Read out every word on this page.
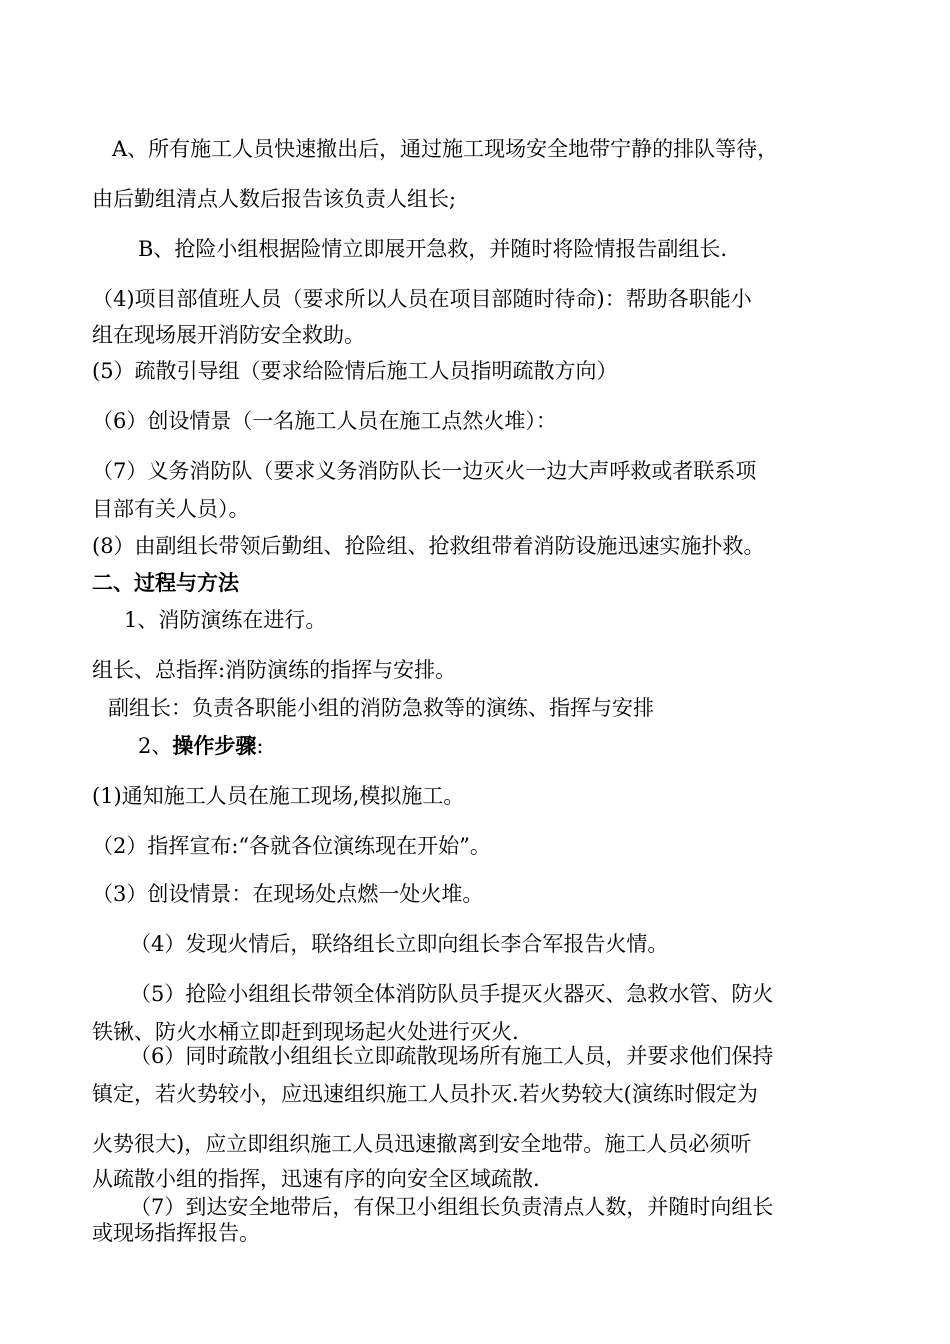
A、所有施工人员快速撤出后，通过施工现场安全地带宁静的排队等待，
由后勤组清点人数后报告该负责人组长;
B、抢险小组根据险情立即展开急救，并随时将险情报告副组长.
（4)项目部值班人员（要求所以人员在项目部随时待命)：帮助各职能小
组在现场展开消防安全救助。
(5）疏散引导组（要求给险情后施工人员指明疏散方向）
（6）创设情景（一名施工人员在施工点然火堆）：
（7）义务消防队（要求义务消防队长一边灭火一边大声呼救或者联系项
目部有关人员）。
(8）由副组长带领后勤组、抢险组、抢救组带着消防设施迅速实施扑救。
二、过程与方法
1、消防演练在进行。
组长、总指挥:消防演练的指挥与安排。
副组长：负责各职能小组的消防急救等的演练、指挥与安排
2、操作步骤:
(1)通知施工人员在施工现场,模拟施工。
（2）指挥宣布:“各就各位演练现在开始”。
（3）创设情景：在现场处点燃一处火堆。
（4）发现火情后，联络组长立即向组长李合军报告火情。
（5）抢险小组组长带领全体消防队员手提灭火器灭、急救水管、防火
铁锹、防火水桶立即赶到现场起火处进行灭火.
（6）同时疏散小组组长立即疏散现场所有施工人员，并要求他们保持
镇定，若火势较小，应迅速组织施工人员扑灭.若火势较大(演练时假定为
火势很大)，应立即组织施工人员迅速撤离到安全地带。施工人员必须听
从疏散小组的指挥，迅速有序的向安全区域疏散.
（7）到达安全地带后，有保卫小组组长负责清点人数，并随时向组长
或现场指挥报告。
